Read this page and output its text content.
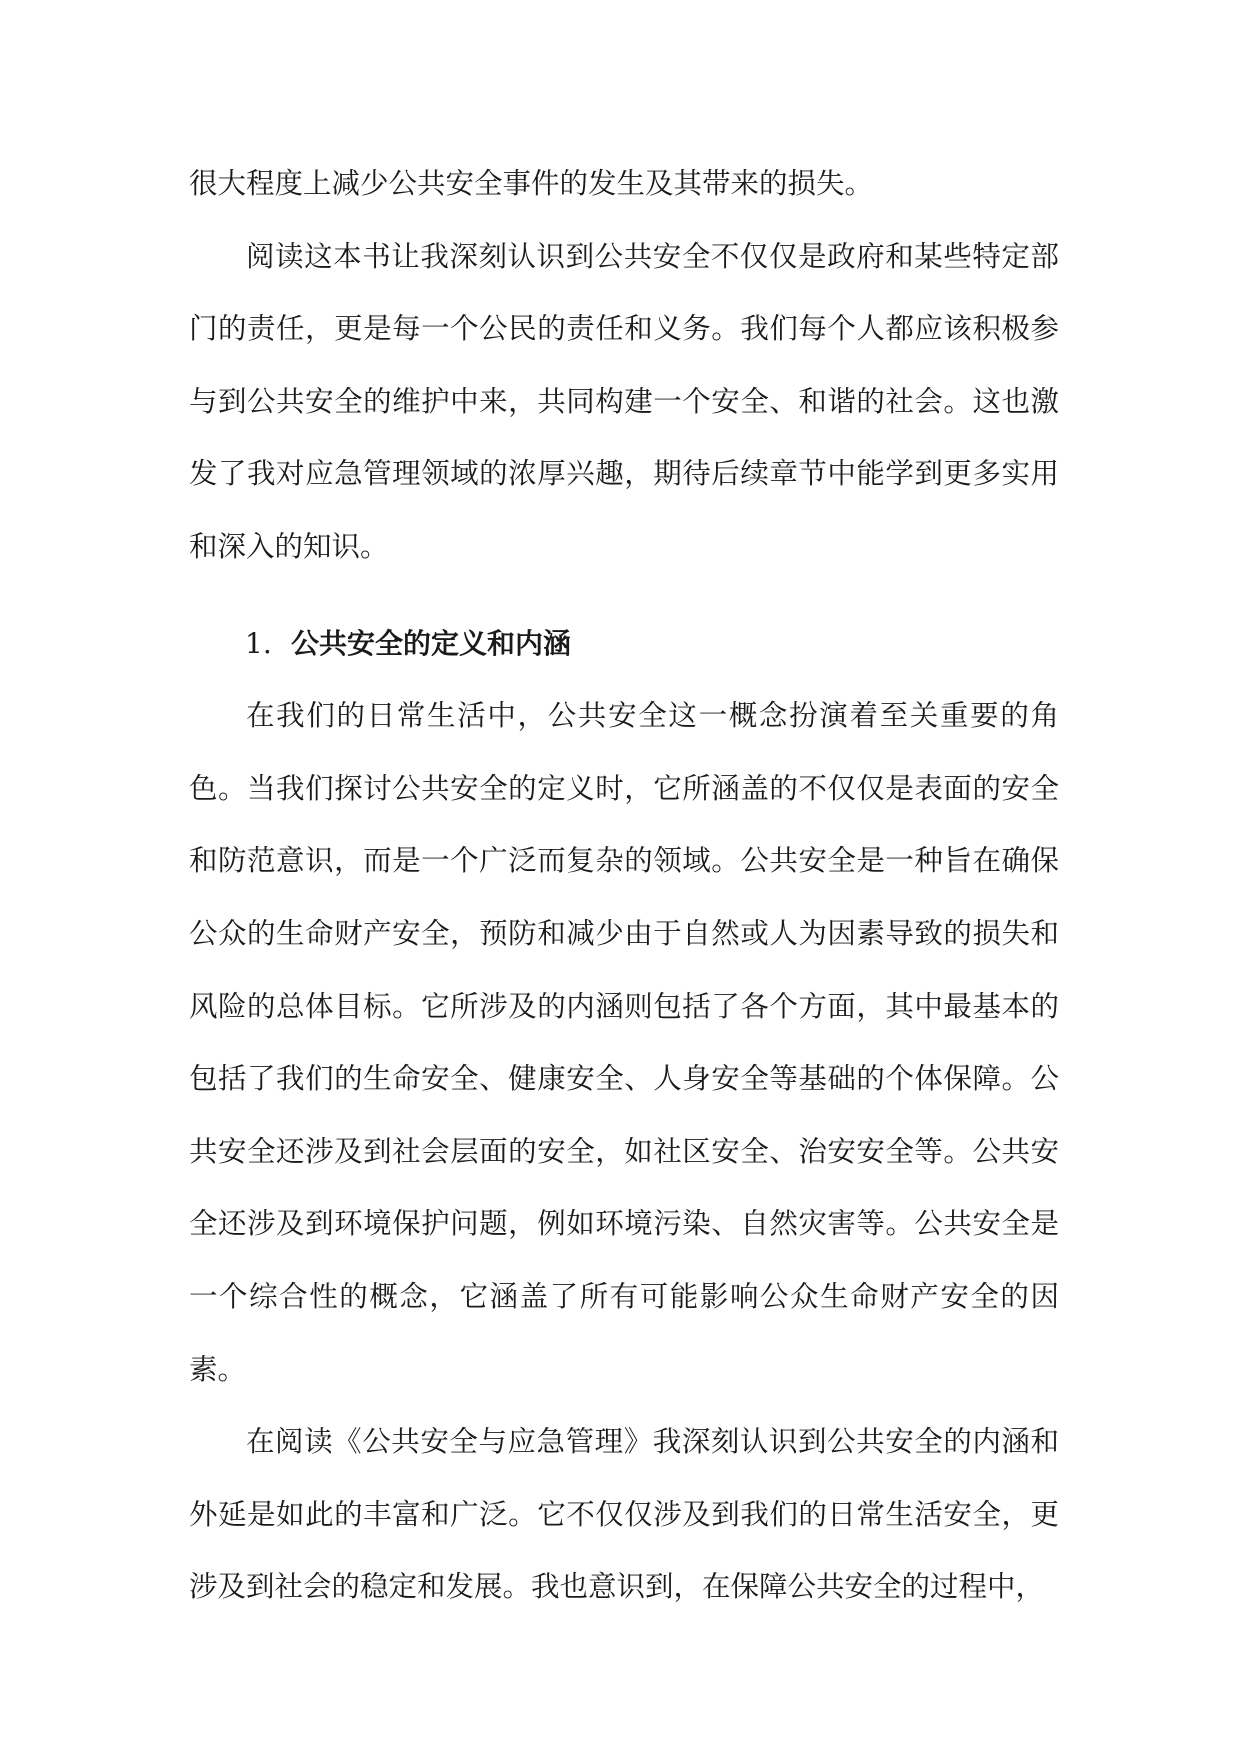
很大程度上减少公共安全事件的发生及其带来的损失。

阅读这本书让我深刻认识到公共安全不仅仅是政府和某些特定部门的责任，更是每一个公民的责任和义务。我们每个人都应该积极参与到公共安全的维护中来，共同构建一个安全、和谐的社会。这也激发了我对应急管理领域的浓厚兴趣，期待后续章节中能学到更多实用和深入的知识。

1. 公共安全的定义和内涵

在我们的日常生活中，公共安全这一概念扮演着至关重要的角色。当我们探讨公共安全的定义时，它所涵盖的不仅仅是表面的安全和防范意识，而是一个广泛而复杂的领域。公共安全是一种旨在确保公众的生命财产安全，预防和减少由于自然或人为因素导致的损失和风险的总体目标。它所涉及的内涵则包括了各个方面，其中最基本的包括了我们的生命安全、健康安全、人身安全等基础的个体保障。公共安全还涉及到社会层面的安全，如社区安全、治安安全等。公共安全还涉及到环境保护问题，例如环境污染、自然灾害等。公共安全是一个综合性的概念，它涵盖了所有可能影响公众生命财产安全的因素。

在阅读《公共安全与应急管理》我深刻认识到公共安全的内涵和外延是如此的丰富和广泛。它不仅仅涉及到我们的日常生活安全，更涉及到社会的稳定和发展。我也意识到，在保障公共安全的过程中，
